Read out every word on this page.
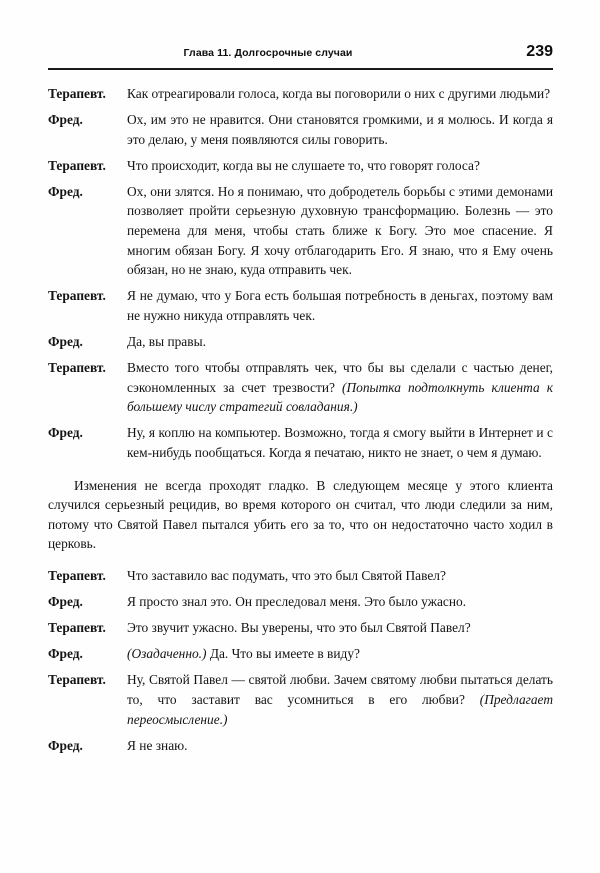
Глава 11. Долгосрочные случаи	239
Терапевт.	Как отреагировали голоса, когда вы поговорили о них с другими людьми?
Фред.	Ох, им это не нравится. Они становятся громкими, и я молюсь. И когда я это делаю, у меня появляются силы говорить.
Терапевт.	Что происходит, когда вы не слушаете то, что говорят голоса?
Фред.	Ох, они злятся. Но я понимаю, что добродетель борьбы с этими демонами позволяет пройти серьезную духовную трансформацию. Болезнь — это перемена для меня, чтобы стать ближе к Богу. Это мое спасение. Я многим обязан Богу. Я хочу отблагодарить Его. Я знаю, что я Ему очень обязан, но не знаю, куда отправить чек.
Терапевт.	Я не думаю, что у Бога есть большая потребность в деньгах, поэтому вам не нужно никуда отправлять чек.
Фред.	Да, вы правы.
Терапевт.	Вместо того чтобы отправлять чек, что бы вы сделали с частью денег, сэкономленных за счет трезвости? (Попытка подтолкнуть клиента к большему числу стратегий совладания.)
Фред.	Ну, я коплю на компьютер. Возможно, тогда я смогу выйти в Интернет и с кем-нибудь пообщаться. Когда я печатаю, никто не знает, о чем я думаю.

Изменения не всегда проходят гладко. В следующем месяце у этого клиента случился серьезный рецидив, во время которого он считал, что люди следили за ним, потому что Святой Павел пытался убить его за то, что он недостаточно часто ходил в церковь.

Терапевт.	Что заставило вас подумать, что это был Святой Павел?
Фред.	Я просто знал это. Он преследовал меня. Это было ужасно.
Терапевт.	Это звучит ужасно. Вы уверены, что это был Святой Павел?
Фред.	(Озадаченно.) Да. Что вы имеете в виду?
Терапевт.	Ну, Святой Павел — святой любви. Зачем святому любви пытаться делать то, что заставит вас усомниться в его любви? (Предлагает переосмысление.)
Фред.	Я не знаю.
